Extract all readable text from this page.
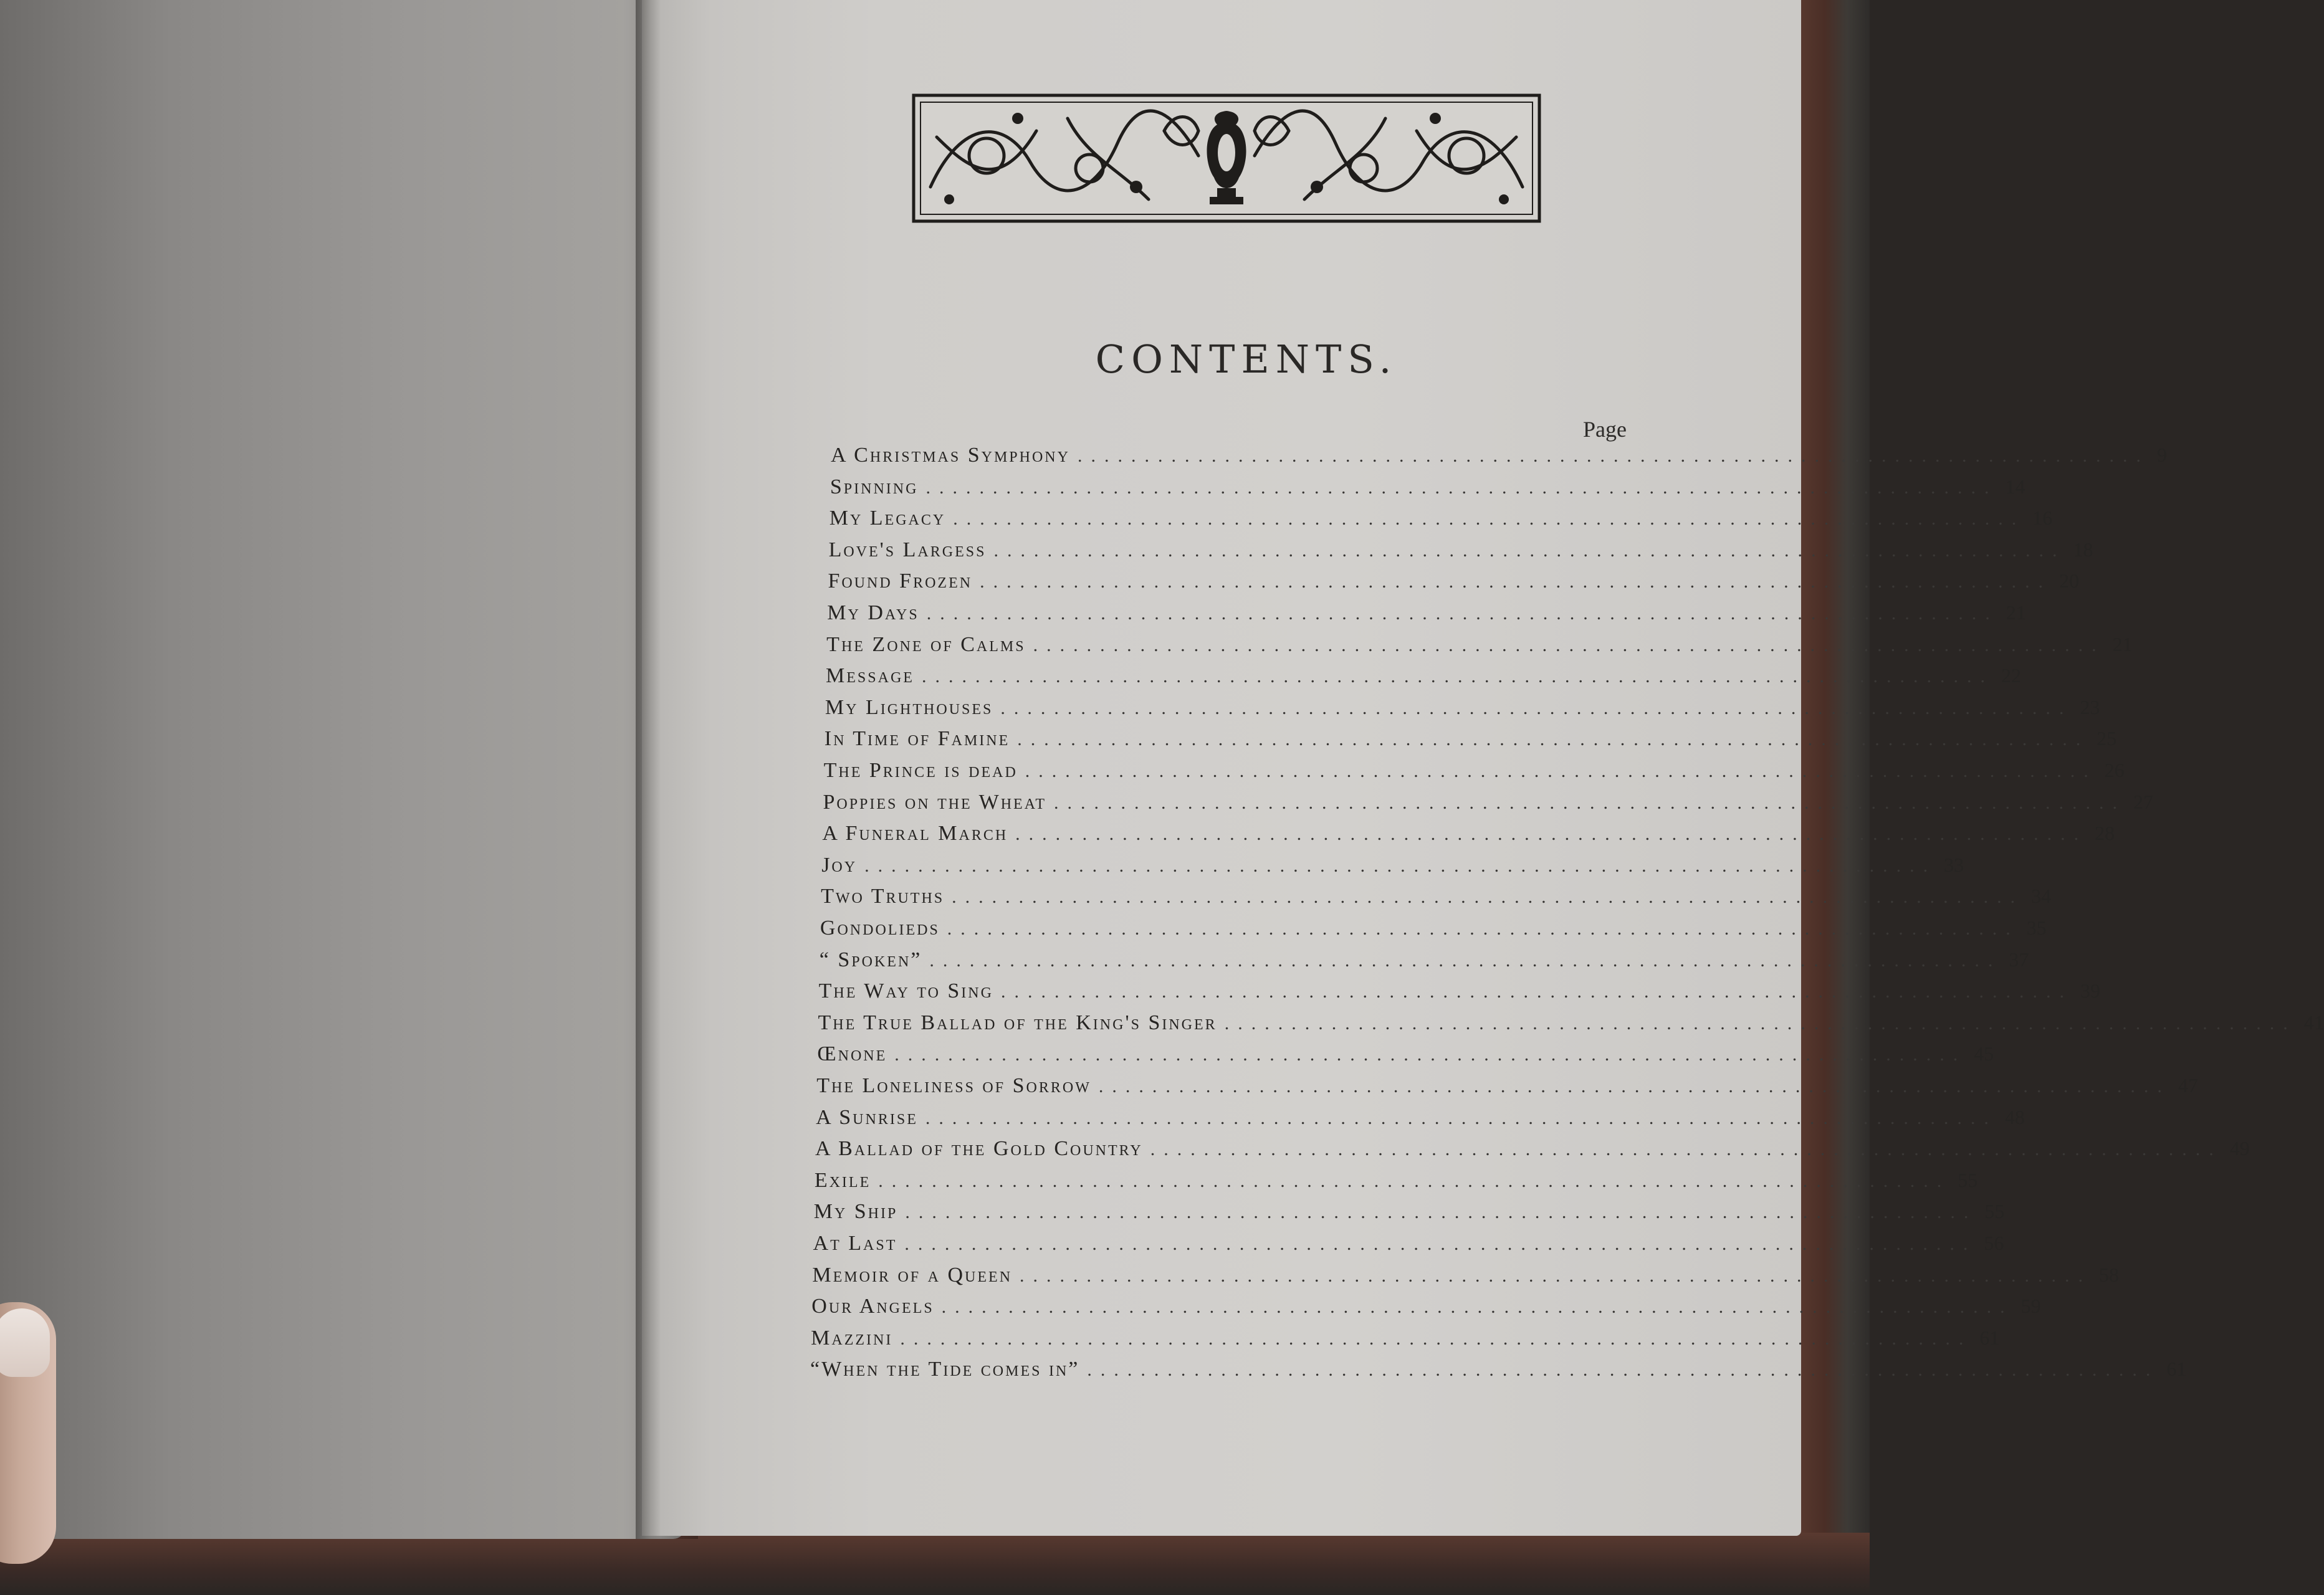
CONTENTS.
Page
A Christmas Symphony ................................................................................ 9
Spinning ................................................................................ 14
My Legacy ................................................................................ 16
Love's Largess ................................................................................ 18
Found Frozen ................................................................................ 20
My Days ................................................................................ 21
The Zone of Calms ................................................................................ 21
Message ................................................................................ 22
My Lighthouses ................................................................................ 23
In Time of Famine ................................................................................ 25
The Prince is dead ................................................................................ 26
Poppies on the Wheat ................................................................................ 27
A Funeral March ................................................................................ 28
Joy ................................................................................ 33
Two Truths ................................................................................ 34
Gondolieds ................................................................................ 35
“ Spoken” ................................................................................ 37
The Way to Sing ................................................................................ 39
The True Ballad of the King's Singer ................................................................................ 41
Œnone ................................................................................ 45
The Loneliness of Sorrow ................................................................................ 47
A Sunrise ................................................................................ 48
A Ballad of the Gold Country ................................................................................ 49
Exile ................................................................................ 55
My Ship ................................................................................ 55
At Last ................................................................................ 56
Memoir of a Queen ................................................................................ 58
Our Angels ................................................................................ 59
Mazzini ................................................................................ 61
“When the Tide comes in” ................................................................................ 61
